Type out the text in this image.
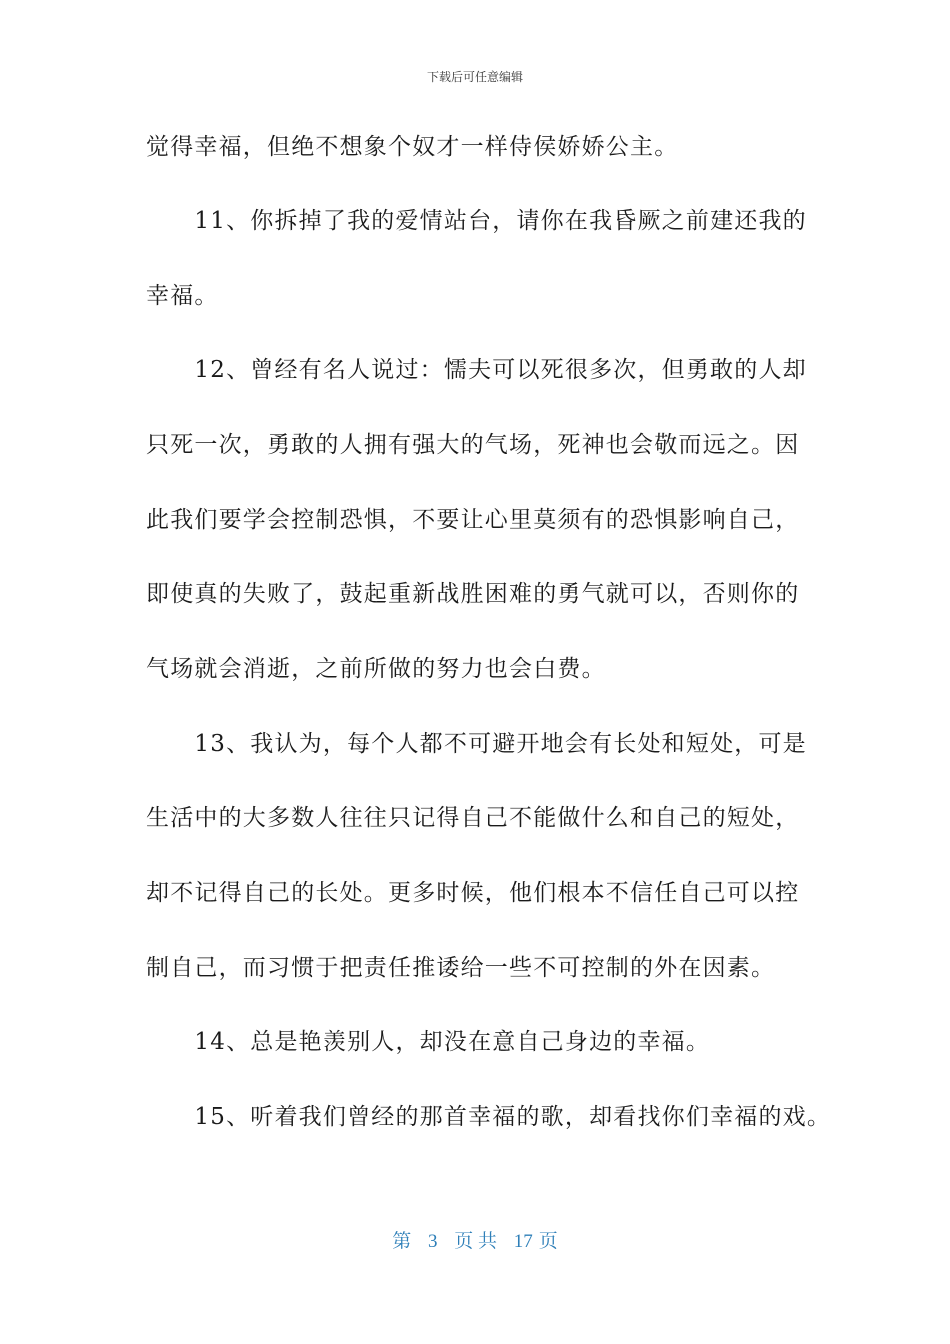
下载后可任意编辑
觉得幸福，但绝不想象个奴才一样侍侯娇娇公主。
　　11、你拆掉了我的爱情站台，请你在我昏厥之前建还我的
幸福。
　　12、曾经有名人说过：懦夫可以死很多次，但勇敢的人却
只死一次，勇敢的人拥有强大的气场，死神也会敬而远之。因
此我们要学会控制恐惧，不要让心里莫须有的恐惧影响自己，
即使真的失败了，鼓起重新战胜困难的勇气就可以，否则你的
气场就会消逝，之前所做的努力也会白费。
　　13、我认为，每个人都不可避开地会有长处和短处，可是
生活中的大多数人往往只记得自己不能做什么和自己的短处，
却不记得自己的长处。更多时候，他们根本不信任自己可以控
制自己，而习惯于把责任推诿给一些不可控制的外在因素。
　　14、总是艳羡别人，却没在意自己身边的幸福。
　　15、听着我们曾经的那首幸福的歌，却看找你们幸福的戏。
第 3 页 共 17 页
